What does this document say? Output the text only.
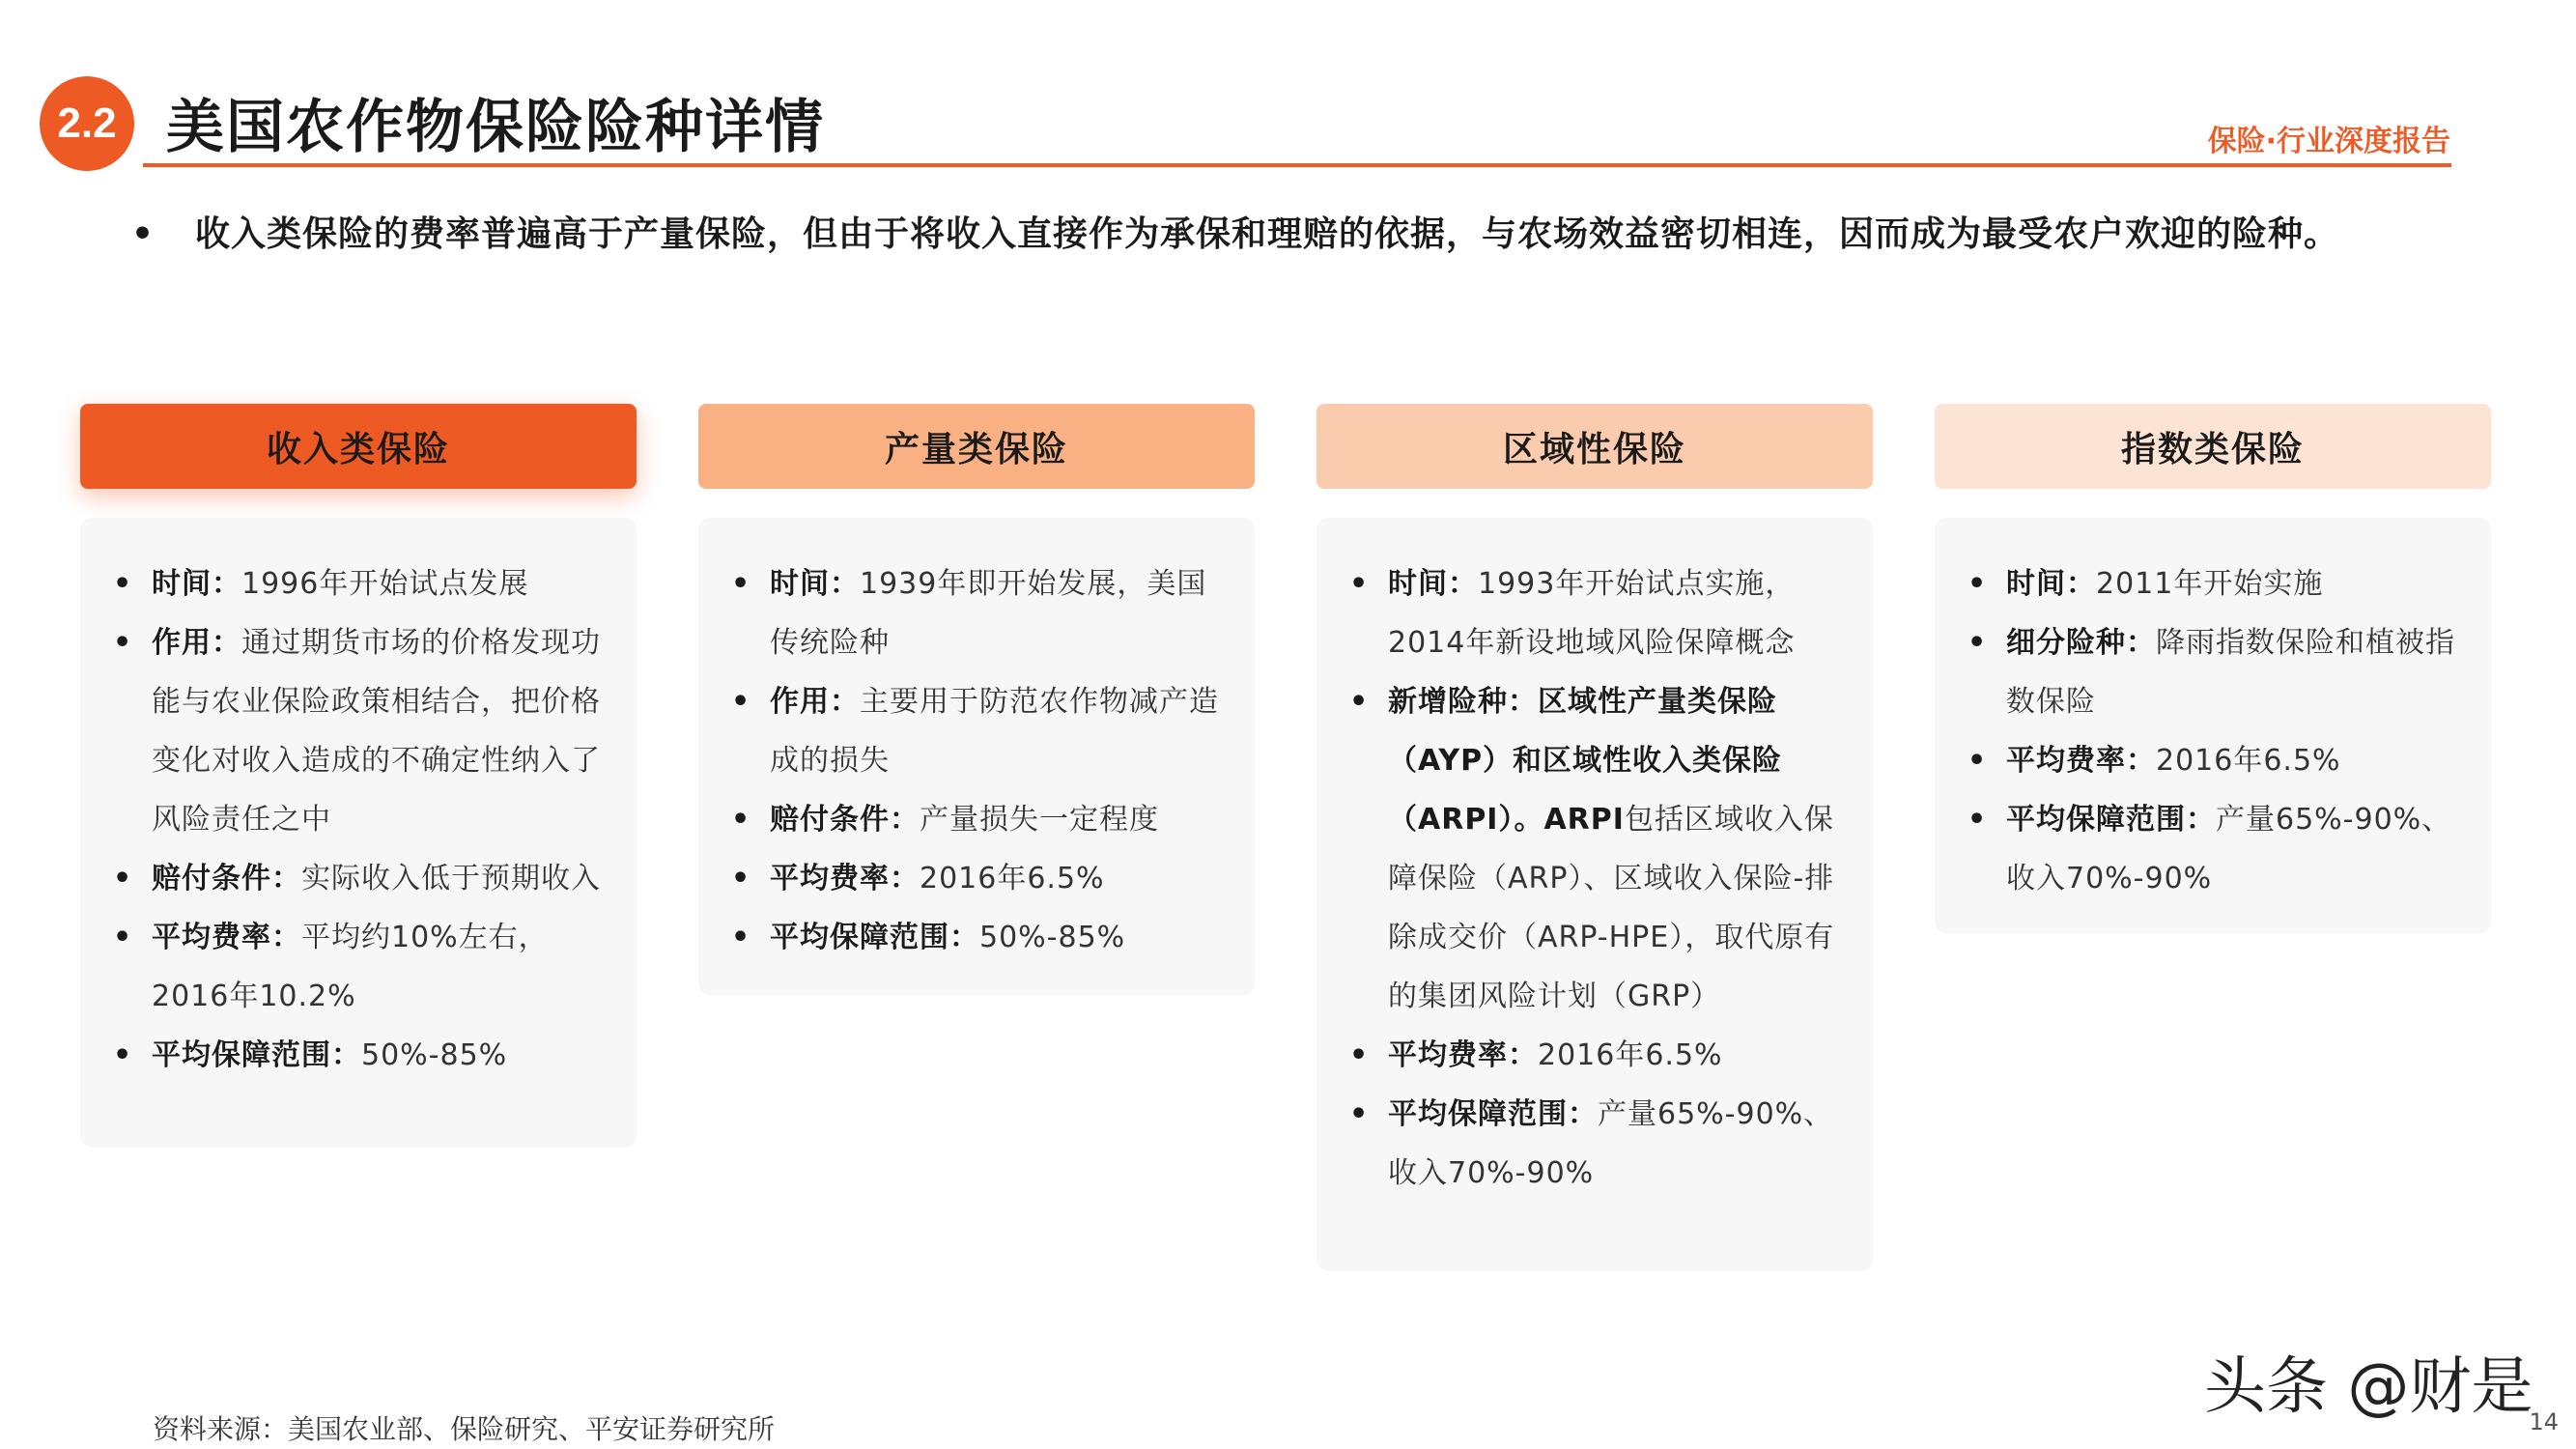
2.2 美国农作物保险险种详情	保险·行业深度报告
• 收入类保险的费率普遍高于产量保险，但由于将收入直接作为承保和理赔的依据，与农场效益密切相连，因而成为最受农户欢迎的险种。
收入类保险
• 时间：1996年开始试点发展
• 作用：通过期货市场的价格发现功能与农业保险政策相结合，把价格变化对收入造成的不确定性纳入了风险责任之中
• 赔付条件：实际收入低于预期收入
• 平均费率：平均约10%左右，2016年10.2%
• 平均保障范围：50%-85%
产量类保险
• 时间：1939年即开始发展，美国传统险种
• 作用：主要用于防范农作物减产造成的损失
• 赔付条件：产量损失一定程度
• 平均费率：2016年6.5%
• 平均保障范围：50%-85%
区域性保险
• 时间：1993年开始试点实施，2014年新设地域风险保障概念
• 新增险种：区域性产量类保险（AYP）和区域性收入类保险（ARPI）。ARPI包括区域收入保障保险（ARP）、区域收入保险-排除成交价（ARP-HPE），取代原有的集团风险计划（GRP）
• 平均费率：2016年6.5%
• 平均保障范围：产量65%-90%、收入70%-90%
指数类保险
• 时间：2011年开始实施
• 细分险种：降雨指数保险和植被指数保险
• 平均费率：2016年6.5%
• 平均保障范围：产量65%-90%、收入70%-90%
资料来源：美国农业部、保险研究、平安证券研究所
头条 @财是
14
